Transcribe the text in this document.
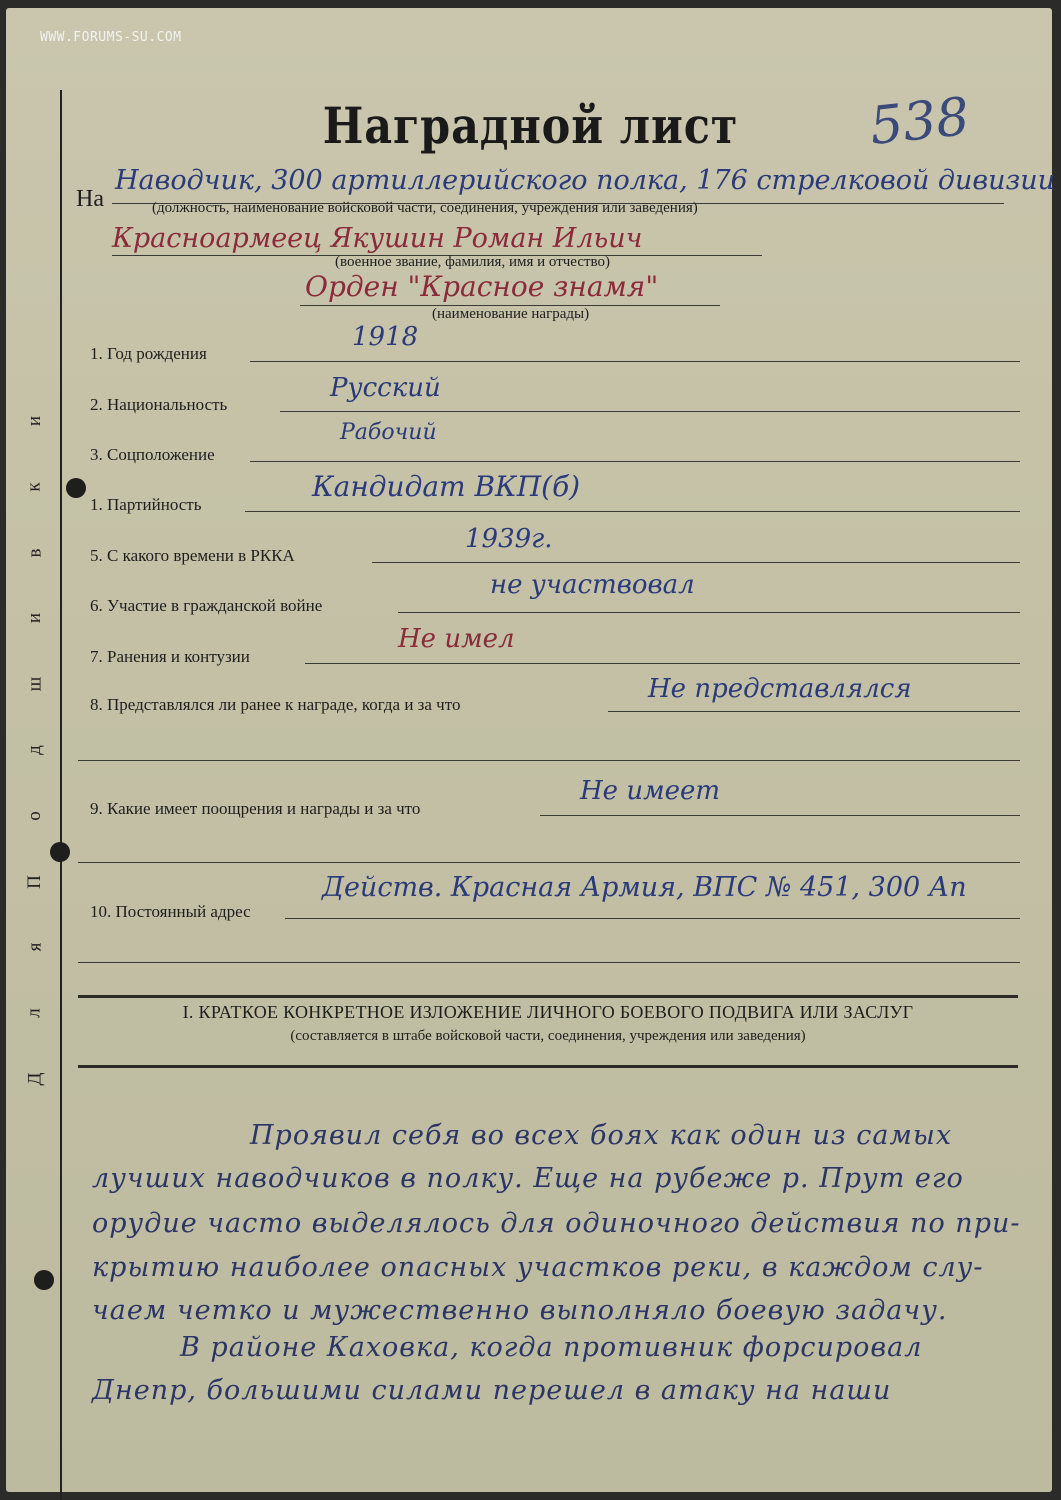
WWW.FORUMS-SU.COM
и
к
в
и
ш
д
о
П
я
л
Д
538
Наградной лист
На
Наводчик, 300 артиллерийского полка, 176 стрелковой дивизии
(должность, наименование войсковой части, соединения, учреждения или заведения)
Красноармеец Якушин Роман Ильич
(военное звание, фамилия, имя и отчество)
Орден "Красное знамя"
(наименование награды)
1. Год рождения
1918
2. Национальность
Русский
3. Соцположение
Рабочий
1. Партийность
Кандидат ВКП(б)
5. С какого времени в РККА
1939г.
6. Участие в гражданской войне
не участвовал
7. Ранения и контузии
Не имел
8. Представлялся ли ранее к награде, когда и за что
Не представлялся
9. Какие имеет поощрения и награды и за что
Не имеет
10. Постоянный адрес
Действ. Красная Армия, ВПС № 451, 300 Ап
I. КРАТКОЕ КОНКРЕТНОЕ ИЗЛОЖЕНИЕ ЛИЧНОГО БОЕВОГО ПОДВИГА ИЛИ ЗАСЛУГ
(составляется в штабе войсковой части, соединения, учреждения или заведения)
Проявил себя во всех боях как один из самых
лучших наводчиков в полку. Еще на рубеже р. Прут его
орудие часто выделялось для одиночного действия по при-
крытию наиболее опасных участков реки, в каждом слу-
чаем четко и мужественно выполняло боевую задачу.
В районе Каховка, когда противник форсировал
Днепр, большими силами перешел в атаку на наши
